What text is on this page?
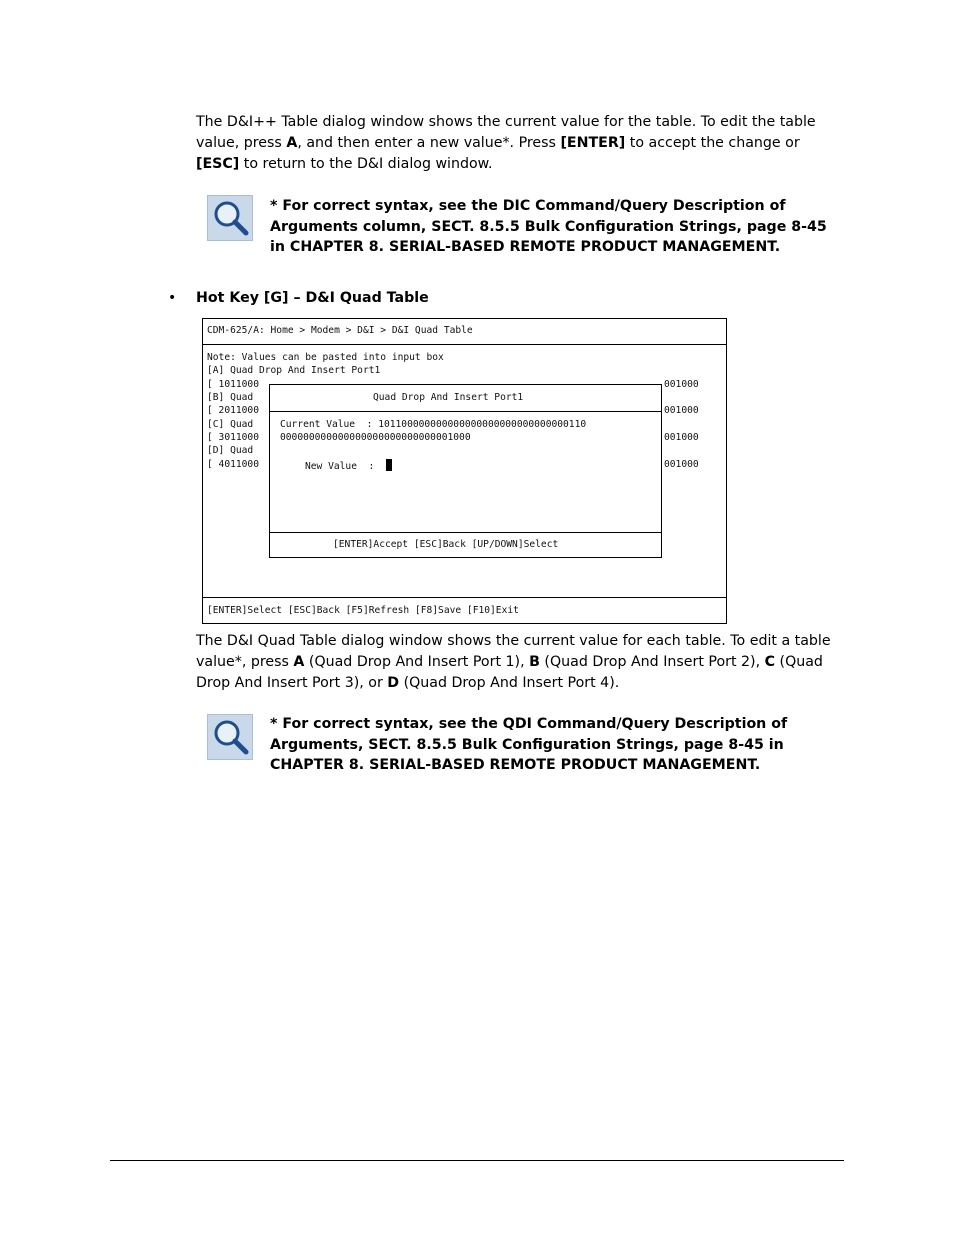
The D&I++ Table dialog window shows the current value for the table. To edit the table value, press A, and then enter a new value*. Press [ENTER] to accept the change or [ESC] to return to the D&I dialog window.
* For correct syntax, see the DIC Command/Query Description of Arguments column, SECT. 8.5.5 Bulk Configuration Strings, page 8-45 in CHAPTER 8. SERIAL-BASED REMOTE PRODUCT MANAGEMENT.
• Hot Key [G] – D&I Quad Table
CDM-625/A: Home > Modem > D&I > D&I Quad Table
Note: Values can be pasted into input box
[A] Quad Drop And Insert Port1
[ 1011000
[B] Quad
[ 2011000
[C] Quad
[ 3011000
[D] Quad
[ 4011000
001000
001000
001000
001000
Quad Drop And Insert Port1
Current Value  : 101100000000000000000000000000000110
000000000000000000000000000001000
New Value  :
[ENTER]Accept [ESC]Back [UP/DOWN]Select
[ENTER]Select [ESC]Back [F5]Refresh [F8]Save [F10]Exit
The D&I Quad Table dialog window shows the current value for each table. To edit a table value*, press A (Quad Drop And Insert Port 1), B (Quad Drop And Insert Port 2), C (Quad Drop And Insert Port 3), or D (Quad Drop And Insert Port 4).
* For correct syntax, see the QDI Command/Query Description of Arguments, SECT. 8.5.5 Bulk Configuration Strings, page 8-45 in CHAPTER 8. SERIAL-BASED REMOTE PRODUCT MANAGEMENT.
